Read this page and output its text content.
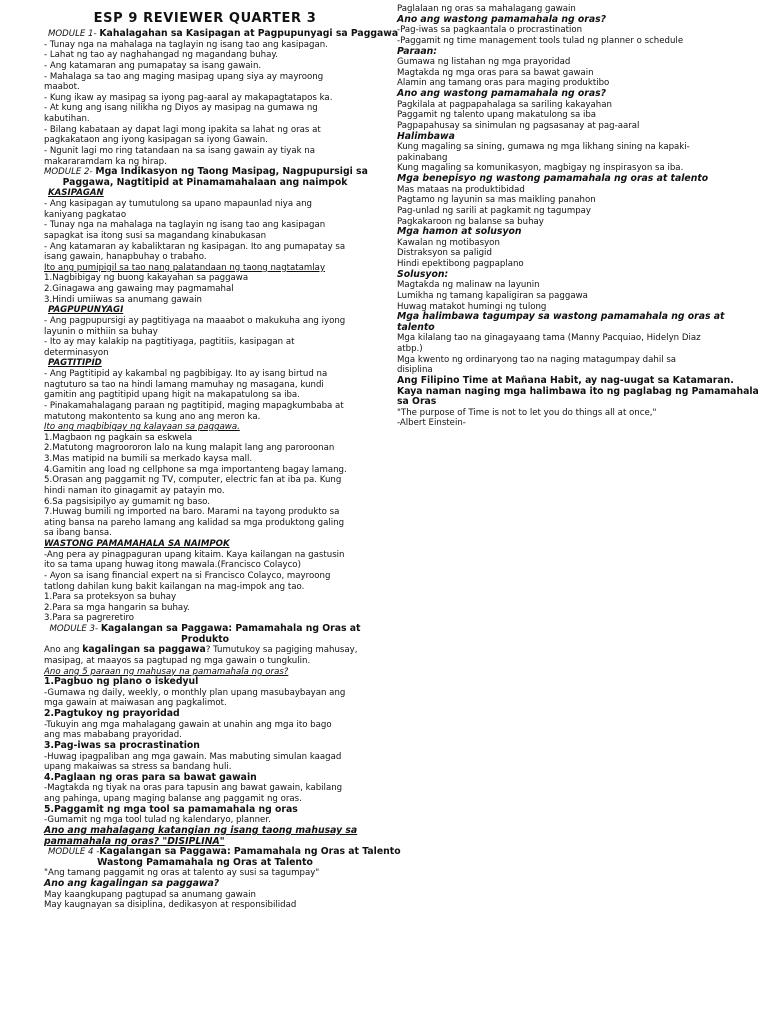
ESP 9 REVIEWER QUARTER 3

MODULE 1- Kahalagahan sa Kasipagan at Pagpupunyagi sa Paggawa

- Tunay nga na mahalaga na taglayin ng isang tao ang kasipagan.

- Lahat ng tao ay naghahangad ng magandang buhay.

- Ang katamaran ang pumapatay sa isang gawain.

- Mahalaga sa tao ang maging masipag upang siya ay mayroong

maabot.

- Kung ikaw ay masipag sa iyong pag-aaral ay makapagtatapos ka.

- At kung ang isang nilikha ng Diyos ay masipag na gumawa ng

kabutihan.

- Bilang kabataan ay dapat lagi mong ipakita sa lahat ng oras at

pagkakataon ang iyong kasipagan sa iyong Gawain.

- Ngunit lagi mo ring tatandaan na sa isang gawain ay tiyak na

makararamdam ka ng hirap.

MODULE 2- Mga Indikasyon ng Taong Masipag, Nagpupursigi sa

Paggawa, Nagtitipid at Pinamamahalaan ang naimpok

KASIPAGAN

- Ang kasipagan ay tumutulong sa upano mapaunlad niya ang

kaniyang pagkatao

- Tunay nga na mahalaga na taglayin ng isang tao ang kasipagan

sapagkat isa itong susi sa magandang kinabukasan

- Ang katamaran ay kabaliktaran ng kasipagan. Ito ang pumapatay sa

isang gawain, hanapbuhay o trabaho.

Ito ang pumipigil sa tao nang palatandaan ng taong nagtatamlay

1.Nagbibigay ng buong kakayahan sa paggawa

2.Ginagawa ang gawaing may pagmamahal

3.Hindi umiiwas sa anumang gawain

PAGPUPUNYAGI

- Ang pagpupursigi ay pagtitiyaga na maaabot o makukuha ang iyong

layunin o mithiin sa buhay

- Ito ay may kalakip na pagtitiyaga, pagtitiis, kasipagan at

determinasyon

PAGTITIPID

- Ang Pagtitipid ay kakambal ng pagbibigay. Ito ay isang birtud na

nagtuturo sa tao na hindi lamang mamuhay ng masagana, kundi

gamitin ang pagtitipid upang higit na makapatulong sa iba.

- Pinakamahalagang paraan ng pagtitipid, maging mapagkumbaba at

matutong makontento sa kung ano ang meron ka.

Ito ang magbibigay ng kalayaan sa paggawa.

1.Magbaon ng pagkain sa eskwela

2.Matutong magroororon lalo na kung malapit lang ang paroroonan

3.Mas matipid na bumili sa merkado kaysa mall.

4.Gamitin ang load ng cellphone sa mga importanteng bagay lamang.

5.Orasan ang paggamit ng TV, computer, electric fan at iba pa. Kung

hindi naman ito ginagamit ay patayin mo.

6.Sa pagsisipilyo ay gumamit ng baso.

7.Huwag bumili ng imported na baro. Marami na tayong produkto sa

ating bansa na pareho lamang ang kalidad sa mga produktong galing

sa ibang bansa.

WASTONG PAMAMAHALA SA NAIMPOK

-Ang pera ay pinagpaguran upang kitaim. Kaya kailangan na gastusin

ito sa tama upang huwag itong mawala.(Francisco Colayco)

- Ayon sa isang financial expert na si Francisco Colayco, mayroong

tatlong dahilan kung bakit kailangan na mag-impok ang tao.

1.Para sa proteksyon sa buhay

2.Para sa mga hangarin sa buhay.

3.Para sa pagreretiro

MODULE 3- Kagalangan sa Paggawa: Pamamahala ng Oras at

Produkto

Ano ang kagalingan sa paggawa? Tumutukoy sa pagiging mahusay,

masipag, at maayos sa pagtupad ng mga gawain o tungkulin.

Ano ang 5 paraan ng mahusay na pamamahala ng oras?

1.Pagbuo ng plano o iskedyul

-Gumawa ng daily, weekly, o monthly plan upang masubaybayan ang

mga gawain at maiwasan ang pagkalimot.

2.Pagtukoy ng prayoridad

-Tukuyin ang mga mahalagang gawain at unahin ang mga ito bago

ang mas mababang prayoridad.

3.Pag-iwas sa procrastination

-Huwag ipagpaliban ang mga gawain. Mas mabuting simulan kaagad

upang makaiwas sa stress sa bandang huli.

4.Paglaan ng oras para sa bawat gawain

-Magtakda ng tiyak na oras para tapusin ang bawat gawain, kabilang

ang pahinga, upang maging balanse ang paggamit ng oras.

5.Paggamit ng mga tool sa pamamahala ng oras

-Gumamit ng mga tool tulad ng kalendaryo, planner.

Ano ang mahalagang katangian ng isang taong mahusay sa

pamamahala ng oras? "DISIPLINA"

MODULE 4 -Kagalangan sa Paggawa: Pamamahala ng Oras at Talento

Wastong Pamamahala ng Oras at Talento

"Ang tamang paggamit ng oras at talento ay susi sa tagumpay"

Ano ang kagalingan sa paggawa?

May kaangkupang pagtupad sa anumang gawain

May kaugnayan sa disiplina, dedikasyon at responsibilidad

Paglalaan ng oras sa mahalagang gawain

Ano ang wastong pamamahala ng oras?

-Pag-iwas sa pagkaantala o procrastination

-Paggamit ng time management tools tulad ng planner o schedule

Paraan:

Gumawa ng listahan ng mga prayoridad

Magtakda ng mga oras para sa bawat gawain

Alamin ang tamang oras para maging produktibo

Ano ang wastong pamamahala ng oras?

Pagkilala at pagpapahalaga sa sariling kakayahan

Paggamit ng talento upang makatulong sa iba

Pagpapahusay sa sinimulan ng pagsasanay at pag-aaral

Halimbawa

Kung magaling sa sining, gumawa ng mga likhang sining na kapaki-

pakinabang

Kung magaling sa komunikasyon, magbigay ng inspirasyon sa iba.

Mga benepisyo ng wastong pamamahala ng oras at talento

Mas mataas na produktibidad

Pagtamo ng layunin sa mas maikling panahon

Pag-unlad ng sarili at pagkamit ng tagumpay

Pagkakaroon ng balanse sa buhay

Mga hamon at solusyon

Kawalan ng motibasyon

Distraksyon sa paligid

Hindi epektibong pagpaplano

Solusyon:

Magtakda ng malinaw na layunin

Lumikha ng tamang kapaligiran sa paggawa

Huwag matakot humingi ng tulong

Mga halimbawa tagumpay sa wastong pamamahala ng oras at

talento

Mga kilalang tao na ginagayaang tama (Manny Pacquiao, Hidelyn Diaz

atbp.)

Mga kwento ng ordinaryong tao na naging matagumpay dahil sa

disiplina

Ang Filipino Time at Mañana Habit, ay nag-uugat sa Katamaran.

Kaya naman naging mga halimbawa ito ng paglabag ng Pamamahala

sa Oras

"The purpose of Time is not to let you do things all at once,"

-Albert Einstein-
